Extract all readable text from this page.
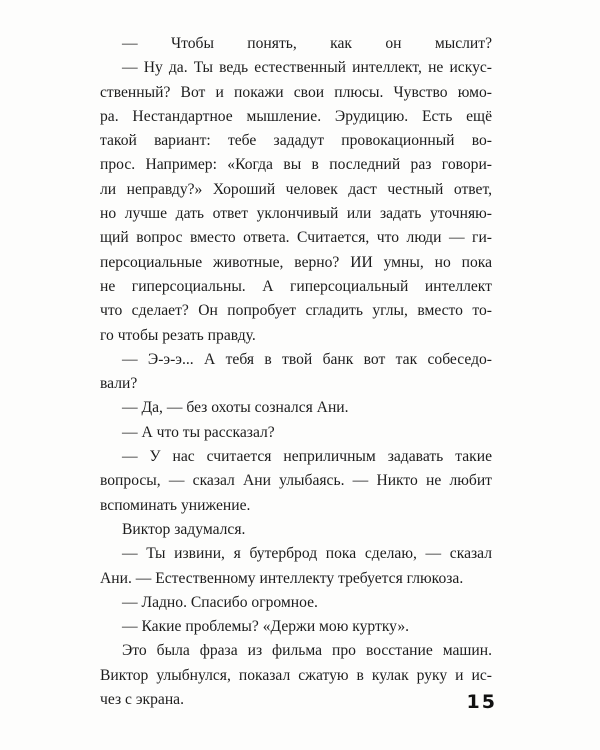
— Чтобы понять, как он мыслит?
— Ну да. Ты ведь естественный интеллект, не искус-
ственный? Вот и покажи свои плюсы. Чувство юмо-
ра. Нестандартное мышление. Эрудицию. Есть ещё
такой вариант: тебе зададут провокационный во-
прос. Например: «Когда вы в последний раз говори-
ли неправду?» Хороший человек даст честный ответ,
но лучше дать ответ уклончивый или задать уточняю-
щий вопрос вместо ответа. Считается, что люди — ги-
персоциальные животные, верно? ИИ умны, но пока
не гиперсоциальны. А гиперсоциальный интеллект
что сделает? Он попробует сгладить углы, вместо то-
го чтобы резать правду.
— Э-э-э... А тебя в твой банк вот так собеседо-
вали?
— Да, — без охоты сознался Ани.
— А что ты рассказал?
— У нас считается неприличным задавать такие
вопросы, — сказал Ани улыбаясь. — Никто не любит
вспоминать унижение.
Виктор задумался.
— Ты извини, я бутерброд пока сделаю, — сказал
Ани. — Естественному интеллекту требуется глюкоза.
— Ладно. Спасибо огромное.
— Какие проблемы? «Держи мою куртку».
Это была фраза из фильма про восстание машин.
Виктор улыбнулся, показал сжатую в кулак руку и ис-
чез с экрана.	15
